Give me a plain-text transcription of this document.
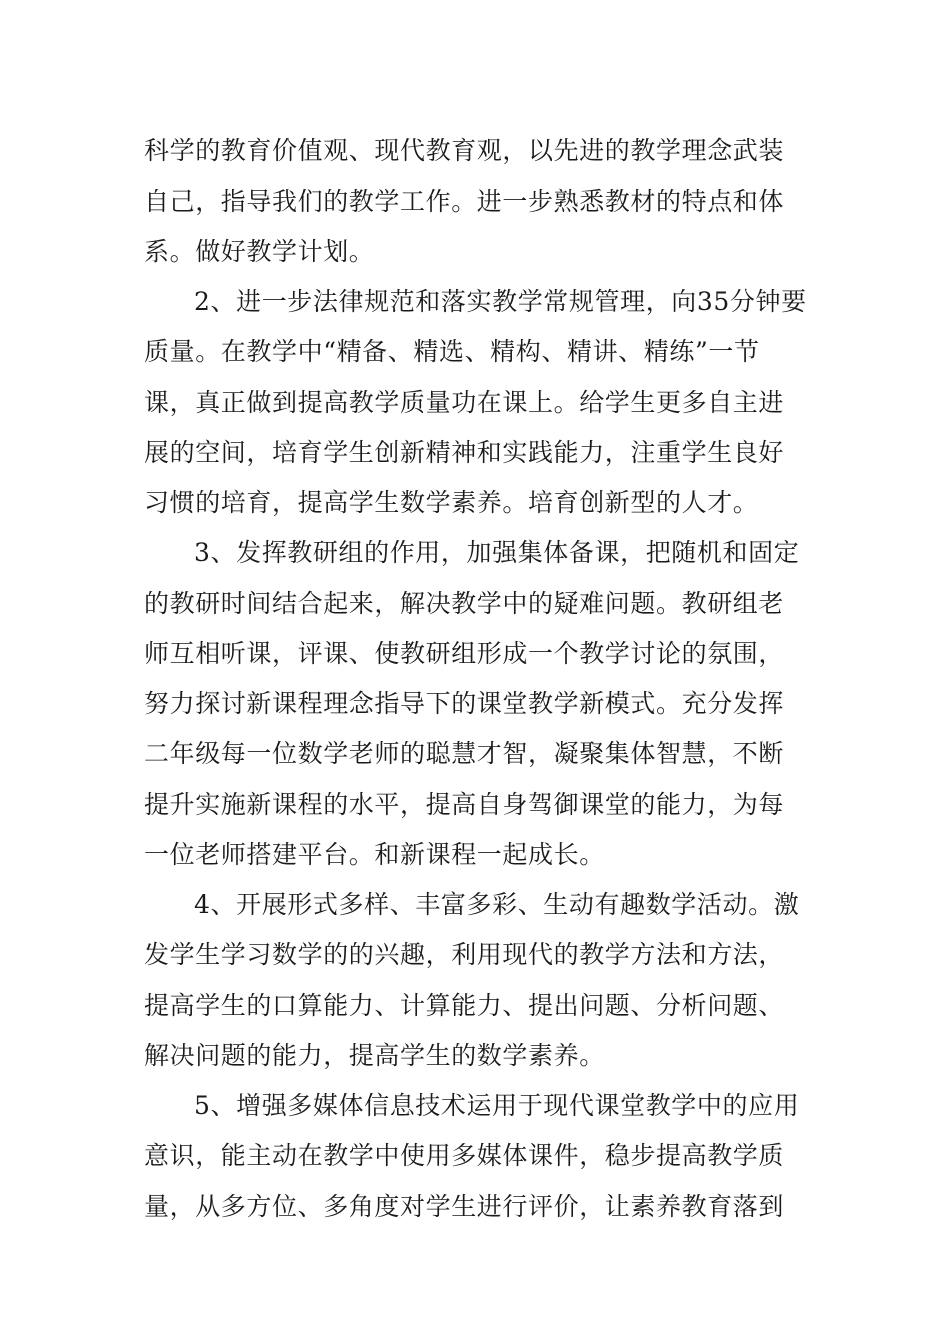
科学的教育价值观、现代教育观，以先进的教学理念武装
自己，指导我们的教学工作。进一步熟悉教材的特点和体
系。做好教学计划。
2、进一步法律规范和落实教学常规管理，向35分钟要
质量。在教学中“精备、精选、精构、精讲、精练”一节
课，真正做到提高教学质量功在课上。给学生更多自主进
展的空间，培育学生创新精神和实践能力，注重学生良好
习惯的培育，提高学生数学素养。培育创新型的人才。
3、发挥教研组的作用，加强集体备课，把随机和固定
的教研时间结合起来，解决教学中的疑难问题。教研组老
师互相听课，评课、使教研组形成一个教学讨论的氛围，
努力探讨新课程理念指导下的课堂教学新模式。充分发挥
二年级每一位数学老师的聪慧才智，凝聚集体智慧，不断
提升实施新课程的水平，提高自身驾御课堂的能力，为每
一位老师搭建平台。和新课程一起成长。
4、开展形式多样、丰富多彩、生动有趣数学活动。激
发学生学习数学的的兴趣，利用现代的教学方法和方法，
提高学生的口算能力、计算能力、提出问题、分析问题、
解决问题的能力，提高学生的数学素养。
5、增强多媒体信息技术运用于现代课堂教学中的应用
意识，能主动在教学中使用多媒体课件，稳步提高教学质
量，从多方位、多角度对学生进行评价，让素养教育落到
